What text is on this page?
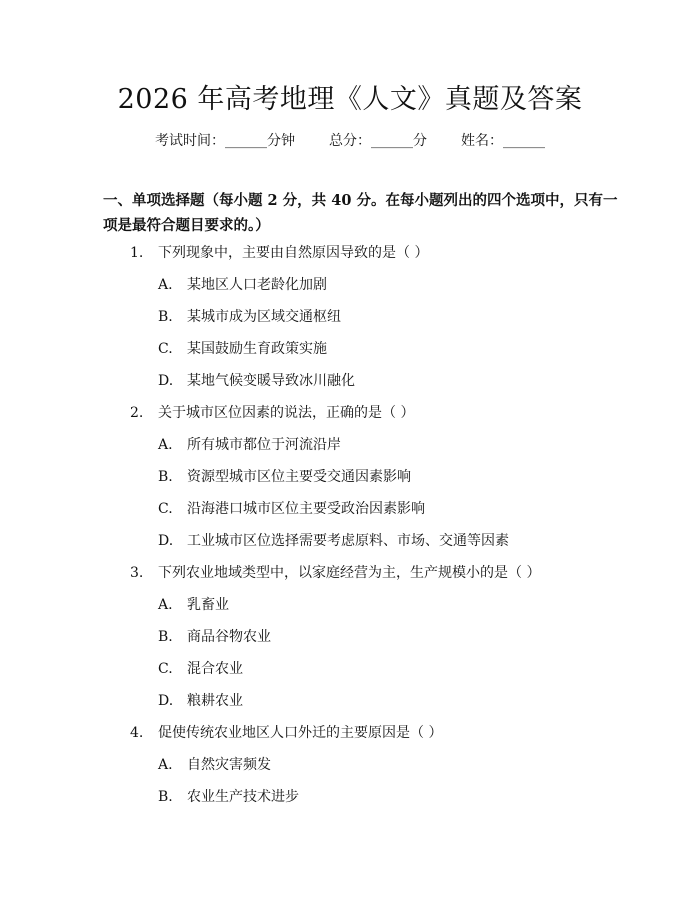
2026 年高考地理《人文》真题及答案
考试时间：______分钟 总分：______分 姓名：______
一、单项选择题（每小题 2 分，共 40 分。在每小题列出的四个选项中，只有一项是最符合题目要求的。）
1. 下列现象中，主要由自然原因导致的是（ ）
A. 某地区人口老龄化加剧
B. 某城市成为区域交通枢纽
C. 某国鼓励生育政策实施
D. 某地气候变暖导致冰川融化
2. 关于城市区位因素的说法，正确的是（ ）
A. 所有城市都位于河流沿岸
B. 资源型城市区位主要受交通因素影响
C. 沿海港口城市区位主要受政治因素影响
D. 工业城市区位选择需要考虑原料、市场、交通等因素
3. 下列农业地域类型中，以家庭经营为主，生产规模小的是（ ）
A. 乳畜业
B. 商品谷物农业
C. 混合农业
D. 粮耕农业
4. 促使传统农业地区人口外迁的主要原因是（ ）
A. 自然灾害频发
B. 农业生产技术进步
